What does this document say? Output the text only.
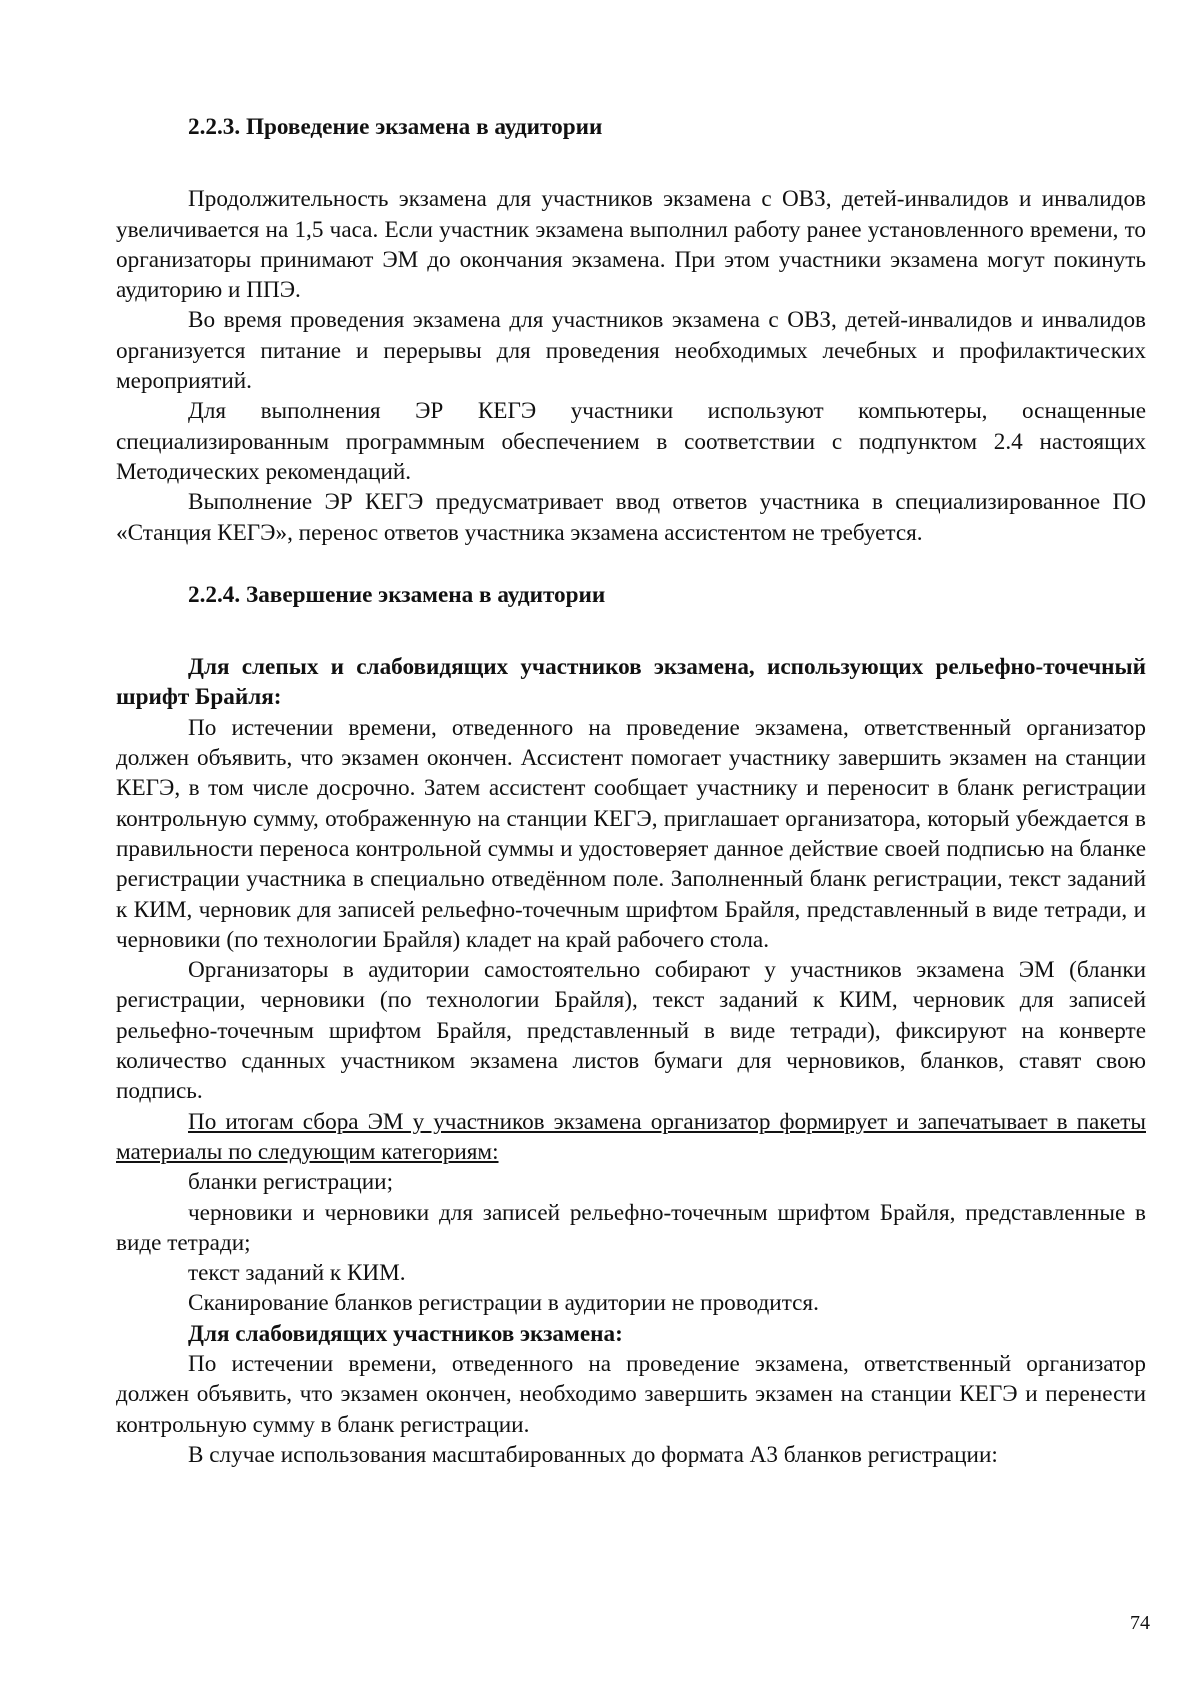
2.2.3. Проведение экзамена в аудитории

Продолжительность экзамена для участников экзамена с ОВЗ, детей-инвалидов и инвалидов увеличивается на 1,5 часа. Если участник экзамена выполнил работу ранее установленного времени, то организаторы принимают ЭМ до окончания экзамена. При этом участники экзамена могут покинуть аудиторию и ППЭ.

Во время проведения экзамена для участников экзамена с ОВЗ, детей-инвалидов и инвалидов организуется питание и перерывы для проведения необходимых лечебных и профилактических мероприятий.

Для выполнения ЭР КЕГЭ участники используют компьютеры, оснащенные специализированным программным обеспечением в соответствии с подпунктом 2.4 настоящих Методических рекомендаций.

Выполнение ЭР КЕГЭ предусматривает ввод ответов участника в специализированное ПО «Станция КЕГЭ», перенос ответов участника экзамена ассистентом не требуется.

2.2.4. Завершение экзамена в аудитории

Для слепых и слабовидящих участников экзамена, использующих рельефно-точечный шрифт Брайля:

По истечении времени, отведенного на проведение экзамена, ответственный организатор должен объявить, что экзамен окончен. Ассистент помогает участнику завершить экзамен на станции КЕГЭ, в том числе досрочно. Затем ассистент сообщает участнику и переносит в бланк регистрации контрольную сумму, отображенную на станции КЕГЭ, приглашает организатора, который убеждается в правильности переноса контрольной суммы и удостоверяет данное действие своей подписью на бланке регистрации участника в специально отведённом поле. Заполненный бланк регистрации, текст заданий к КИМ, черновик для записей рельефно-точечным шрифтом Брайля, представленный в виде тетради, и черновики (по технологии Брайля) кладет на край рабочего стола.

Организаторы в аудитории самостоятельно собирают у участников экзамена ЭМ (бланки регистрации, черновики (по технологии Брайля), текст заданий к КИМ, черновик для записей рельефно-точечным шрифтом Брайля, представленный в виде тетради), фиксируют на конверте количество сданных участником экзамена листов бумаги для черновиков, бланков, ставят свою подпись.

По итогам сбора ЭМ у участников экзамена организатор формирует и запечатывает в пакеты материалы по следующим категориям:

бланки регистрации;

черновики и черновики для записей рельефно-точечным шрифтом Брайля, представленные в виде тетради;

текст заданий к КИМ.

Сканирование бланков регистрации в аудитории не проводится.

Для слабовидящих участников экзамена:

По истечении времени, отведенного на проведение экзамена, ответственный организатор должен объявить, что экзамен окончен, необходимо завершить экзамен на станции КЕГЭ и перенести контрольную сумму в бланк регистрации.

В случае использования масштабированных до формата А3 бланков регистрации:

74
